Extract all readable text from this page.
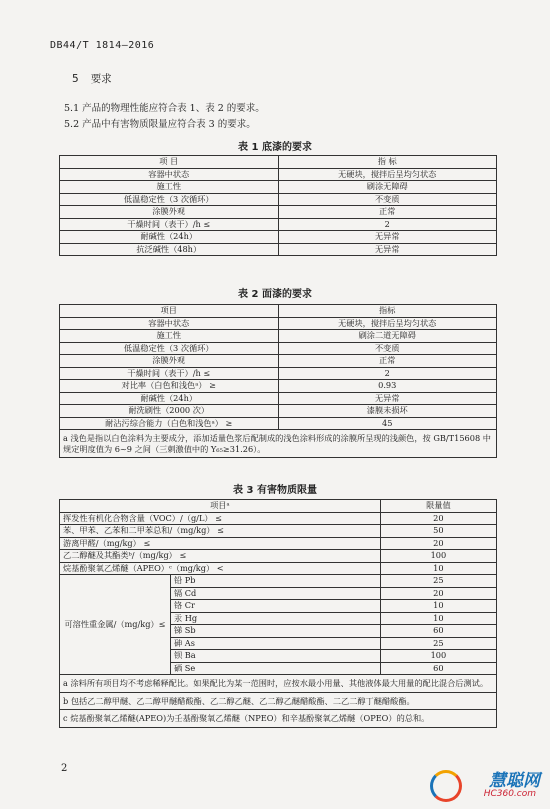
DB44/T 1814—2016
5 要求
5.1 产品的物理性能应符合表 1、表 2 的要求。
5.2 产品中有害物质限量应符合表 3 的要求。
表 1 底漆的要求
项 目	指 标
容器中状态	无硬块，搅拌后呈均匀状态
施工性	刷涂无障碍
低温稳定性（3 次循环）	不变质
涂膜外观	正常
干燥时间（表干）/h ≤	2
耐碱性（24h）	无异常
抗泛碱性（48h）	无异常
表 2 面漆的要求
项目	指标
容器中状态	无硬块，搅拌后呈均匀状态
施工性	刷涂二道无障碍
低温稳定性（3 次循环）	不变质
涂膜外观	正常
干燥时间（表干）/h ≤	2
对比率（白色和浅色ᵃ） ≥	0.93
耐碱性（24h）	无异常
耐洗刷性（2000 次）	漆膜未损坏
耐沾污综合能力（白色和浅色ᵃ） ≥	45
a 浅色是指以白色涂料为主要成分，添加适量色浆后配制成的浅色涂料形成的涂膜所呈现的浅颜色，按 GB/T15608 中规定明度值为 6~9 之间（三刺激值中的 Y₆₅≥31.26）。	
表 3 有害物质限量
项目ᵃ		限量值
挥发性有机化合物含量（VOC）/（g/L） ≤		20
苯、甲苯、乙苯和二甲苯总和/（mg/kg） ≤		50
游离甲醛/（mg/kg） ≤		20
乙二醇醚及其酯类ᵇ/（mg/kg） ≤		100
烷基酚聚氧乙烯醚（APEO）ᶜ（mg/kg） <		10
可溶性重金属/（mg/kg）≤	铅 Pb	25
	镉 Cd	20
	铬 Cr	10
	汞 Hg	10
	锑 Sb	60
	砷 As	25
	钡 Ba	100
	硒 Se	60
a 涂料所有项目均不考虑稀释配比。如果配比为某一范围时，应按水最小用量、其他液体最大用量的配比混合后测试。		
b 包括乙二醇甲醚、乙二醇甲醚醋酸酯、乙二醇乙醚、乙二醇乙醚醋酸酯、二乙二醇丁醚醋酸酯。		
c 烷基酚聚氧乙烯醚(APEO)为壬基酚聚氧乙烯醚（NPEO）和辛基酚聚氧乙烯醚（OPEO）的总和。		
2
慧聪网
HC360.com
